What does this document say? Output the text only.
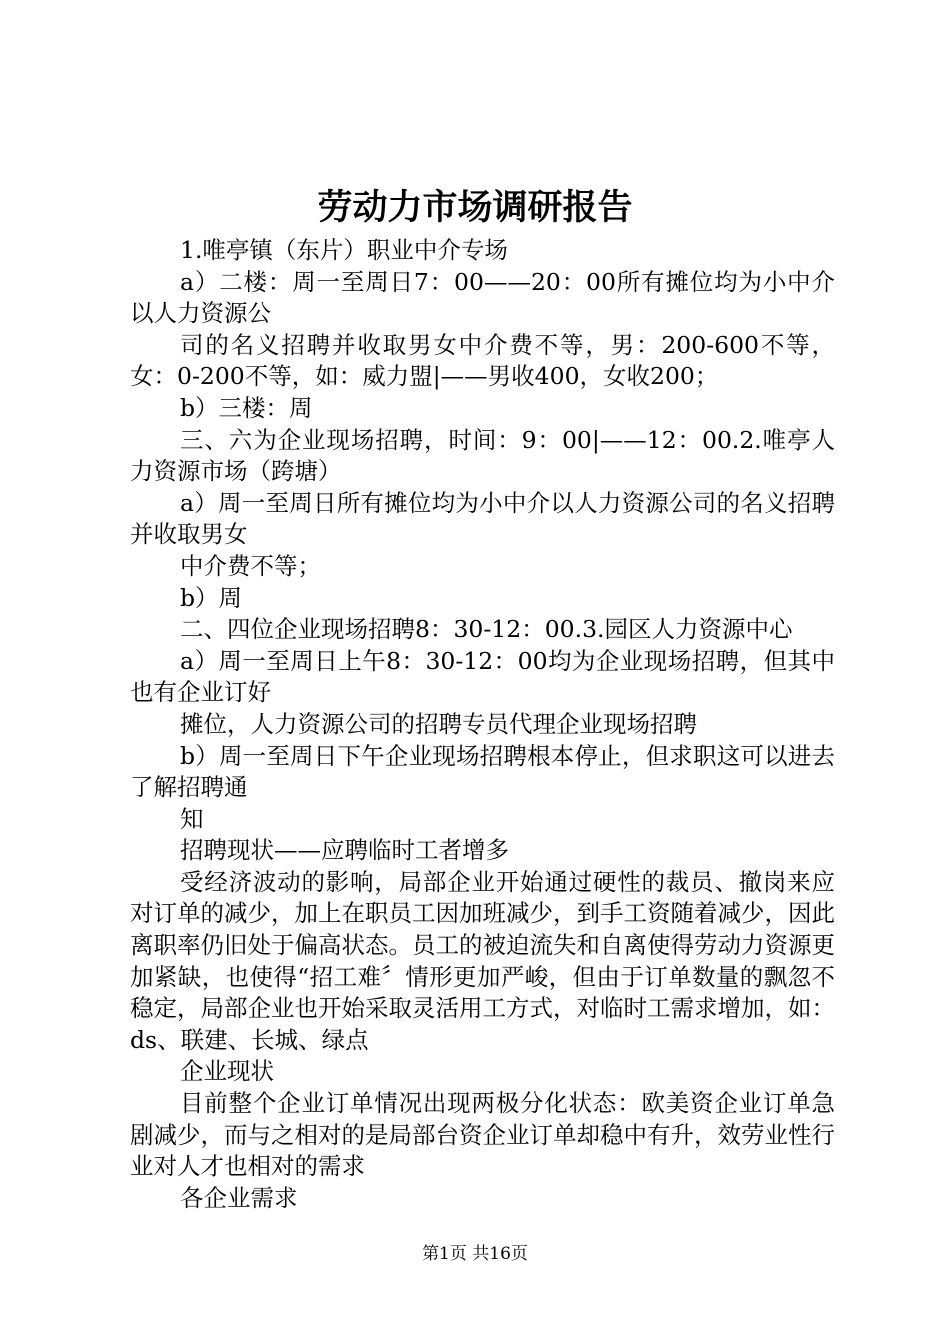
劳动力市场调研报告

1.唯亭镇（东片）职业中介专场

a）二楼：周一至周日7：00——20：00所有摊位均为小中介以人力资源公

司的名义招聘并收取男女中介费不等，男：200-600不等，女：0-200不等，如：威力盟|——男收400，女收200；

b）三楼：周

三、六为企业现场招聘，时间：9：00|——12：00.2.唯亭人力资源市场（跨塘）

a）周一至周日所有摊位均为小中介以人力资源公司的名义招聘并收取男女

中介费不等；

b）周

二、四位企业现场招聘8：30-12：00.3.园区人力资源中心

a）周一至周日上午8：30-12：00均为企业现场招聘，但其中也有企业订好

摊位，人力资源公司的招聘专员代理企业现场招聘

b）周一至周日下午企业现场招聘根本停止，但求职这可以进去了解招聘通

知

招聘现状——应聘临时工者增多

受经济波动的影响，局部企业开始通过硬性的裁员、撤岗来应对订单的减少，加上在职员工因加班减少，到手工资随着减少，因此离职率仍旧处于偏高状态。员工的被迫流失和自离使得劳动力资源更加紧缺，也使得“招工难〞情形更加严峻，但由于订单数量的飘忽不稳定，局部企业也开始采取灵活用工方式，对临时工需求增加，如：ds、联建、长城、绿点

企业现状

目前整个企业订单情况出现两极分化状态：欧美资企业订单急剧减少，而与之相对的是局部台资企业订单却稳中有升，效劳业性行业对人才也相对的需求

各企业需求

第1页 共16页
